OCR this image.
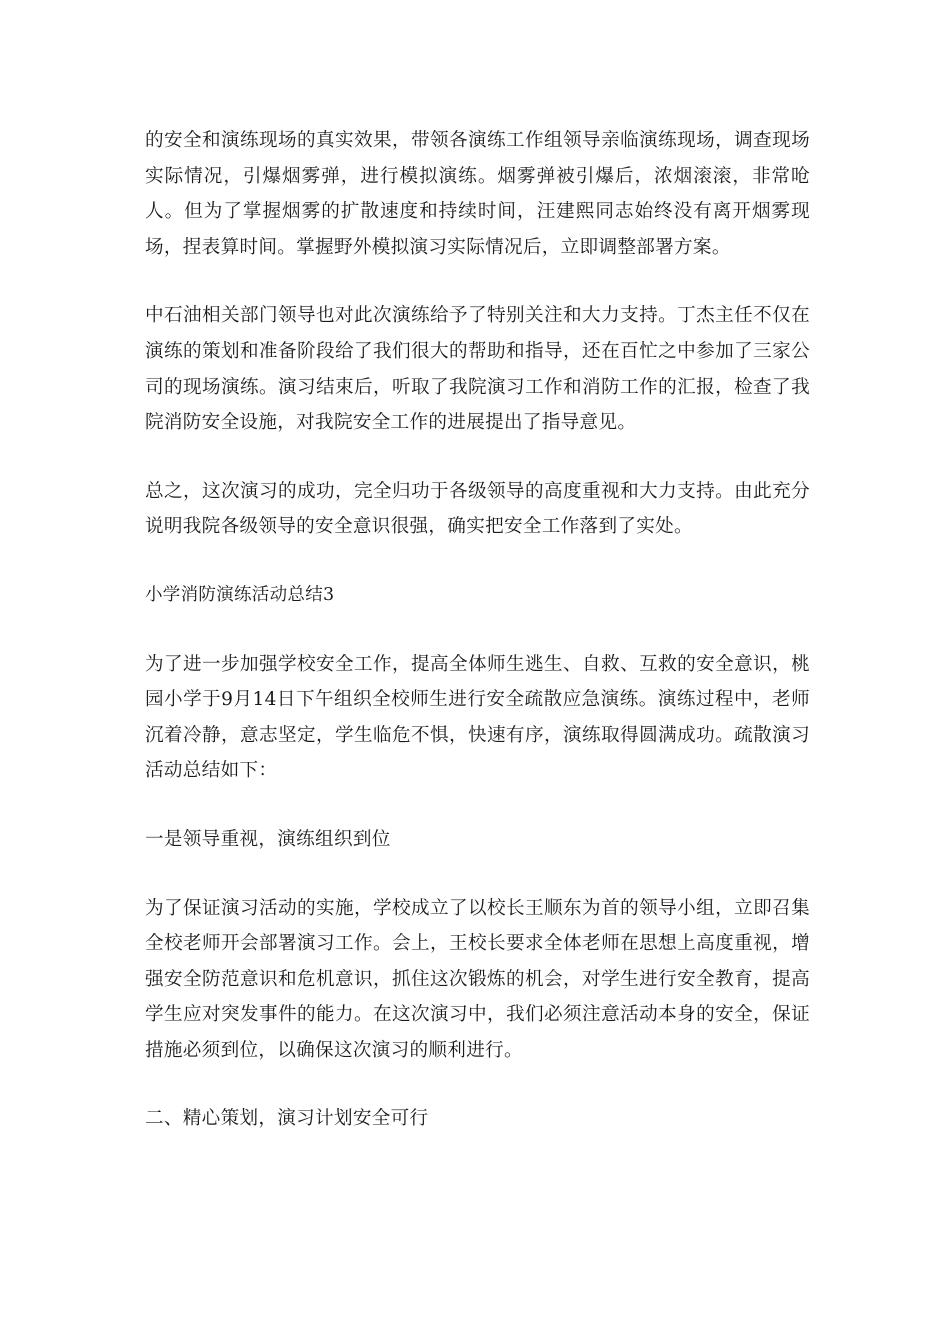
的安全和演练现场的真实效果，带领各演练工作组领导亲临演练现场，调查现场实际情况，引爆烟雾弹，进行模拟演练。烟雾弹被引爆后，浓烟滚滚，非常呛人。但为了掌握烟雾的扩散速度和持续时间，汪建熙同志始终没有离开烟雾现场，捏表算时间。掌握野外模拟演习实际情况后，立即调整部署方案。

中石油相关部门领导也对此次演练给予了特别关注和大力支持。丁杰主任不仅在演练的策划和准备阶段给了我们很大的帮助和指导，还在百忙之中参加了三家公司的现场演练。演习结束后，听取了我院演习工作和消防工作的汇报，检查了我院消防安全设施，对我院安全工作的进展提出了指导意见。

总之，这次演习的成功，完全归功于各级领导的高度重视和大力支持。由此充分说明我院各级领导的安全意识很强，确实把安全工作落到了实处。

小学消防演练活动总结3

为了进一步加强学校安全工作，提高全体师生逃生、自救、互救的安全意识，桃园小学于9月14日下午组织全校师生进行安全疏散应急演练。演练过程中，老师沉着冷静，意志坚定，学生临危不惧，快速有序，演练取得圆满成功。疏散演习活动总结如下：

一是领导重视，演练组织到位

为了保证演习活动的实施，学校成立了以校长王顺东为首的领导小组，立即召集全校老师开会部署演习工作。会上，王校长要求全体老师在思想上高度重视，增强安全防范意识和危机意识，抓住这次锻炼的机会，对学生进行安全教育，提高学生应对突发事件的能力。在这次演习中，我们必须注意活动本身的安全，保证措施必须到位，以确保这次演习的顺利进行。

二、精心策划，演习计划安全可行
